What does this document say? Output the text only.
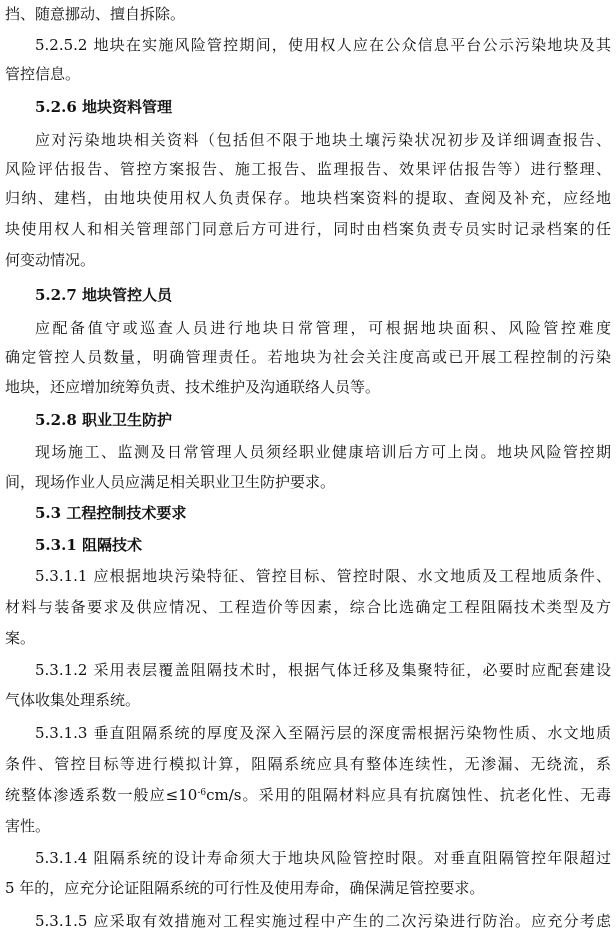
挡、随意挪动、擅自拆除。
5.2.5.2 地块在实施风险管控期间，使用权人应在公众信息平台公示污染地块及其
管控信息。
5.2.6 地块资料管理
应对污染地块相关资料（包括但不限于地块土壤污染状况初步及详细调查报告、
风险评估报告、管控方案报告、施工报告、监理报告、效果评估报告等）进行整理、
归纳、建档，由地块使用权人负责保存。地块档案资料的提取、查阅及补充，应经地
块使用权人和相关管理部门同意后方可进行，同时由档案负责专员实时记录档案的任
何变动情况。
5.2.7 地块管控人员
应配备值守或巡查人员进行地块日常管理，可根据地块面积、风险管控难度
确定管控人员数量，明确管理责任。若地块为社会关注度高或已开展工程控制的污染
地块，还应增加统筹负责、技术维护及沟通联络人员等。
5.2.8 职业卫生防护
现场施工、监测及日常管理人员须经职业健康培训后方可上岗。地块风险管控期
间，现场作业人员应满足相关职业卫生防护要求。
5.3 工程控制技术要求
5.3.1 阻隔技术
5.3.1.1 应根据地块污染特征、管控目标、管控时限、水文地质及工程地质条件、
材料与装备要求及供应情况、工程造价等因素，综合比选确定工程阻隔技术类型及方
案。
5.3.1.2 采用表层覆盖阻隔技术时，根据气体迁移及集聚特征，必要时应配套建设
气体收集处理系统。
5.3.1.3 垂直阻隔系统的厚度及深入至隔污层的深度需根据污染物性质、水文地质
条件、管控目标等进行模拟计算，阻隔系统应具有整体连续性，无渗漏、无绕流，系
统整体渗透系数一般应$\le 10^{-6}cm/s$。采用的阻隔材料应具有抗腐蚀性、抗老化性、无毒
害性。
5.3.1.4 阻隔系统的设计寿命须大于地块风险管控时限。对垂直阻隔管控年限超过
5 年的，应充分论证阻隔系统的可行性及使用寿命，确保满足管控要求。
5.3.1.5 应采取有效措施对工程实施过程中产生的二次污染进行防治。应充分考虑
